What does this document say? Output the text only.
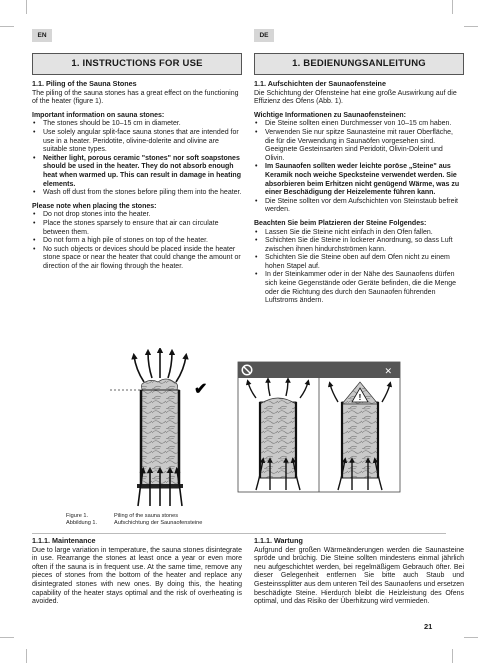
EN	DE
1. INSTRUCTIONS FOR USE	1. BEDIENUNGSANLEITUNG
1.1. Piling of the Sauna Stones

The piling of the sauna stones has a great effect on the functioning of the heater (figure 1).

Important information on sauna stones:
• The stones should be 10–15 cm in diameter.
• Use solely angular split-face sauna stones that are intended for use in a heater. Peridotite, olivine-dolerite and olivine are suitable stone types.
• Neither light, porous ceramic "stones" nor soft soapstones should be used in the heater. They do not absorb enough heat when warmed up. This can result in damage in heating elements.
• Wash off dust from the stones before piling them into the heater.
Please note when placing the stones:
• Do not drop stones into the heater.
• Place the stones sparsely to ensure that air can circulate between them.
• Do not form a high pile of stones on top of the heater.
• No such objects or devices should be placed inside the heater stone space or near the heater that could change the amount or direction of the air flowing through the heater.
1.1. Aufschichten der Saunaofensteine

Die Schichtung der Ofensteine hat eine große Auswirkung auf die Effizienz des Ofens (Abb. 1).

Wichtige Informationen zu Saunaofensteinen:
• Die Steine sollten einen Durchmesser von 10–15 cm haben.
• Verwenden Sie nur spitze Saunasteine mit rauer Oberfläche, die für die Verwendung in Saunaöfen vorgesehen sind. Geeignete Gesteinsarten sind Peridotit, Olivin-Dolerit und Olivin.
• Im Saunaofen sollten weder leichte poröse „Steine" aus Keramik noch weiche Specksteine verwendet werden. Sie absorbieren beim Erhitzen nicht genügend Wärme, was zu einer Beschädigung der Heizelemente führen kann.
• Die Steine sollten vor dem Aufschichten von Steinstaub befreit werden.
Beachten Sie beim Platzieren der Steine Folgendes:
• Lassen Sie die Steine nicht einfach in den Ofen fallen.
• Schichten Sie die Steine in lockerer Anordnung, so dass Luft zwischen ihnen hindurchströmen kann.
• Schichten Sie die Steine oben auf dem Ofen nicht zu einem hohen Stapel auf.
• In der Steinkammer oder in der Nähe des Saunaofens dürfen sich keine Gegenstände oder Geräte befinden, die die Menge oder die Richtung des durch den Saunaofen führenden Luftstroms ändern.
✔
✕
!
Figure 1.	Piling of the sauna stones
Abbildung 1.	Aufschichtung der Saunaofensteine
1.1.1. Maintenance

Due to large variation in temperature, the sauna stones disintegrate in use. Rearrange the stones at least once a year or even more often if the sauna is in frequent use. At the same time, remove any pieces of stones from the bottom of the heater and replace any disintegrated stones with new ones. By doing this, the heating capability of the heater stays optimal and the risk of overheating is avoided.

1.1.1. Wartung

Aufgrund der großen Wärmeänderungen werden die Saunasteine spröde und brüchig. Die Steine sollten mindestens einmal jährlich neu aufgeschichtet werden, bei regelmäßigem Gebrauch öfter. Bei dieser Gelegenheit entfernen Sie bitte auch Staub und Gesteinssplitter aus dem unteren Teil des Saunaofens und ersetzen beschädigte Steine. Hierdurch bleibt die Heizleistung des Ofens optimal, und das Risiko der Überhitzung wird vermieden.

21
